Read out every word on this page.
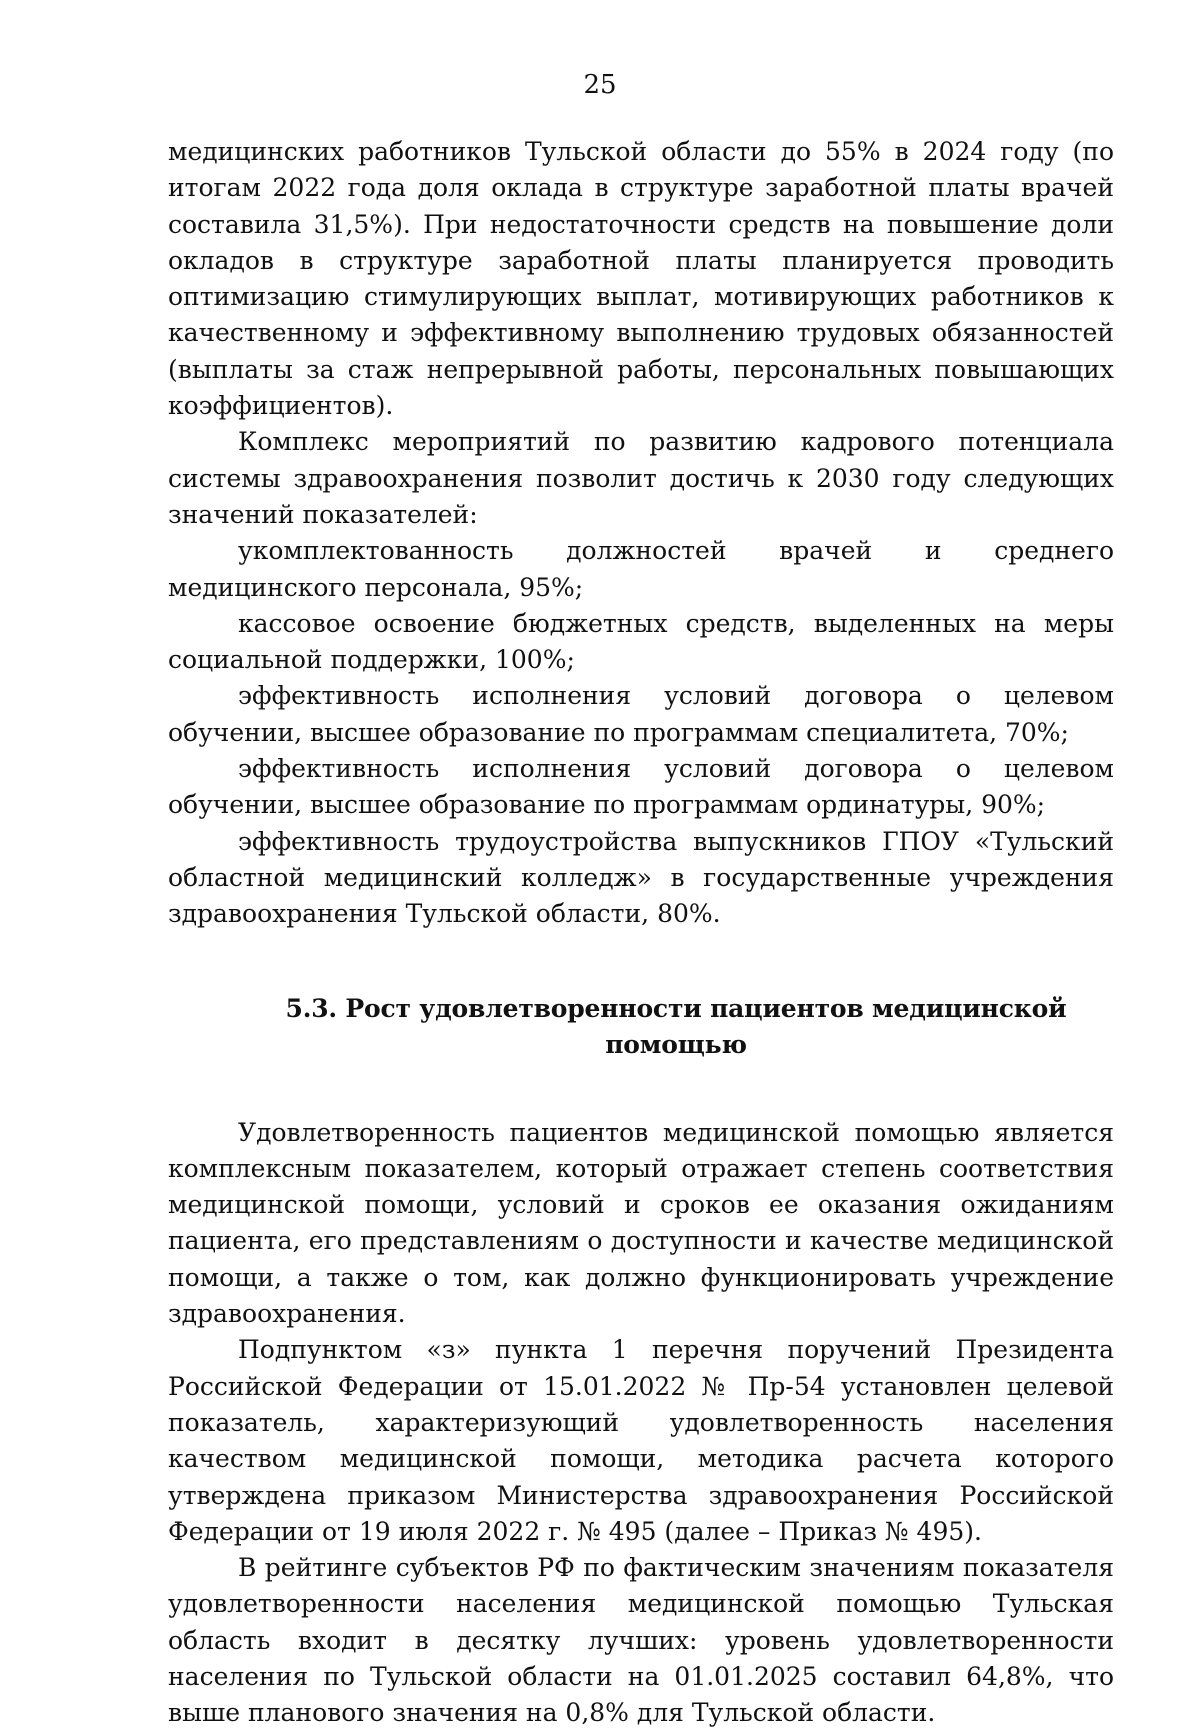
25

медицинских работников Тульской области до 55% в 2024 году (по итогам 2022 года доля оклада в структуре заработной платы врачей составила 31,5%). При недостаточности средств на повышение доли окладов в структуре заработной платы планируется проводить оптимизацию стимулирующих выплат, мотивирующих работников к качественному и эффективному выполнению трудовых обязанностей (выплаты за стаж непрерывной работы, персональных повышающих коэффициентов).

Комплекс мероприятий по развитию кадрового потенциала системы здравоохранения позволит достичь к 2030 году следующих значений показателей:

укомплектованность должностей врачей и среднего медицинского персонала, 95%;

кассовое освоение бюджетных средств, выделенных на меры социальной поддержки, 100%;

эффективность исполнения условий договора о целевом обучении, высшее образование по программам специалитета, 70%;

эффективность исполнения условий договора о целевом обучении, высшее образование по программам ординатуры, 90%;

эффективность трудоустройства выпускников ГПОУ «Тульский областной медицинский колледж» в государственные учреждения здравоохранения Тульской области, 80%.

5.3. Рост удовлетворенности пациентов медицинской помощью

Удовлетворенность пациентов медицинской помощью является комплексным показателем, который отражает степень соответствия медицинской помощи, условий и сроков ее оказания ожиданиям пациента, его представлениям о доступности и качестве медицинской помощи, а также о том, как должно функционировать учреждение здравоохранения.

Подпунктом «з» пункта 1 перечня поручений Президента Российской Федерации от 15.01.2022 № Пр-54 установлен целевой показатель, характеризующий удовлетворенность населения качеством медицинской помощи, методика расчета которого утверждена приказом Министерства здравоохранения Российской Федерации от 19 июля 2022 г. № 495 (далее – Приказ № 495).

В рейтинге субъектов РФ по фактическим значениям показателя удовлетворенности населения медицинской помощью Тульская область входит в десятку лучших: уровень удовлетворенности населения по Тульской области на 01.01.2025 составил 64,8%, что выше планового значения на 0,8% для Тульской области.
